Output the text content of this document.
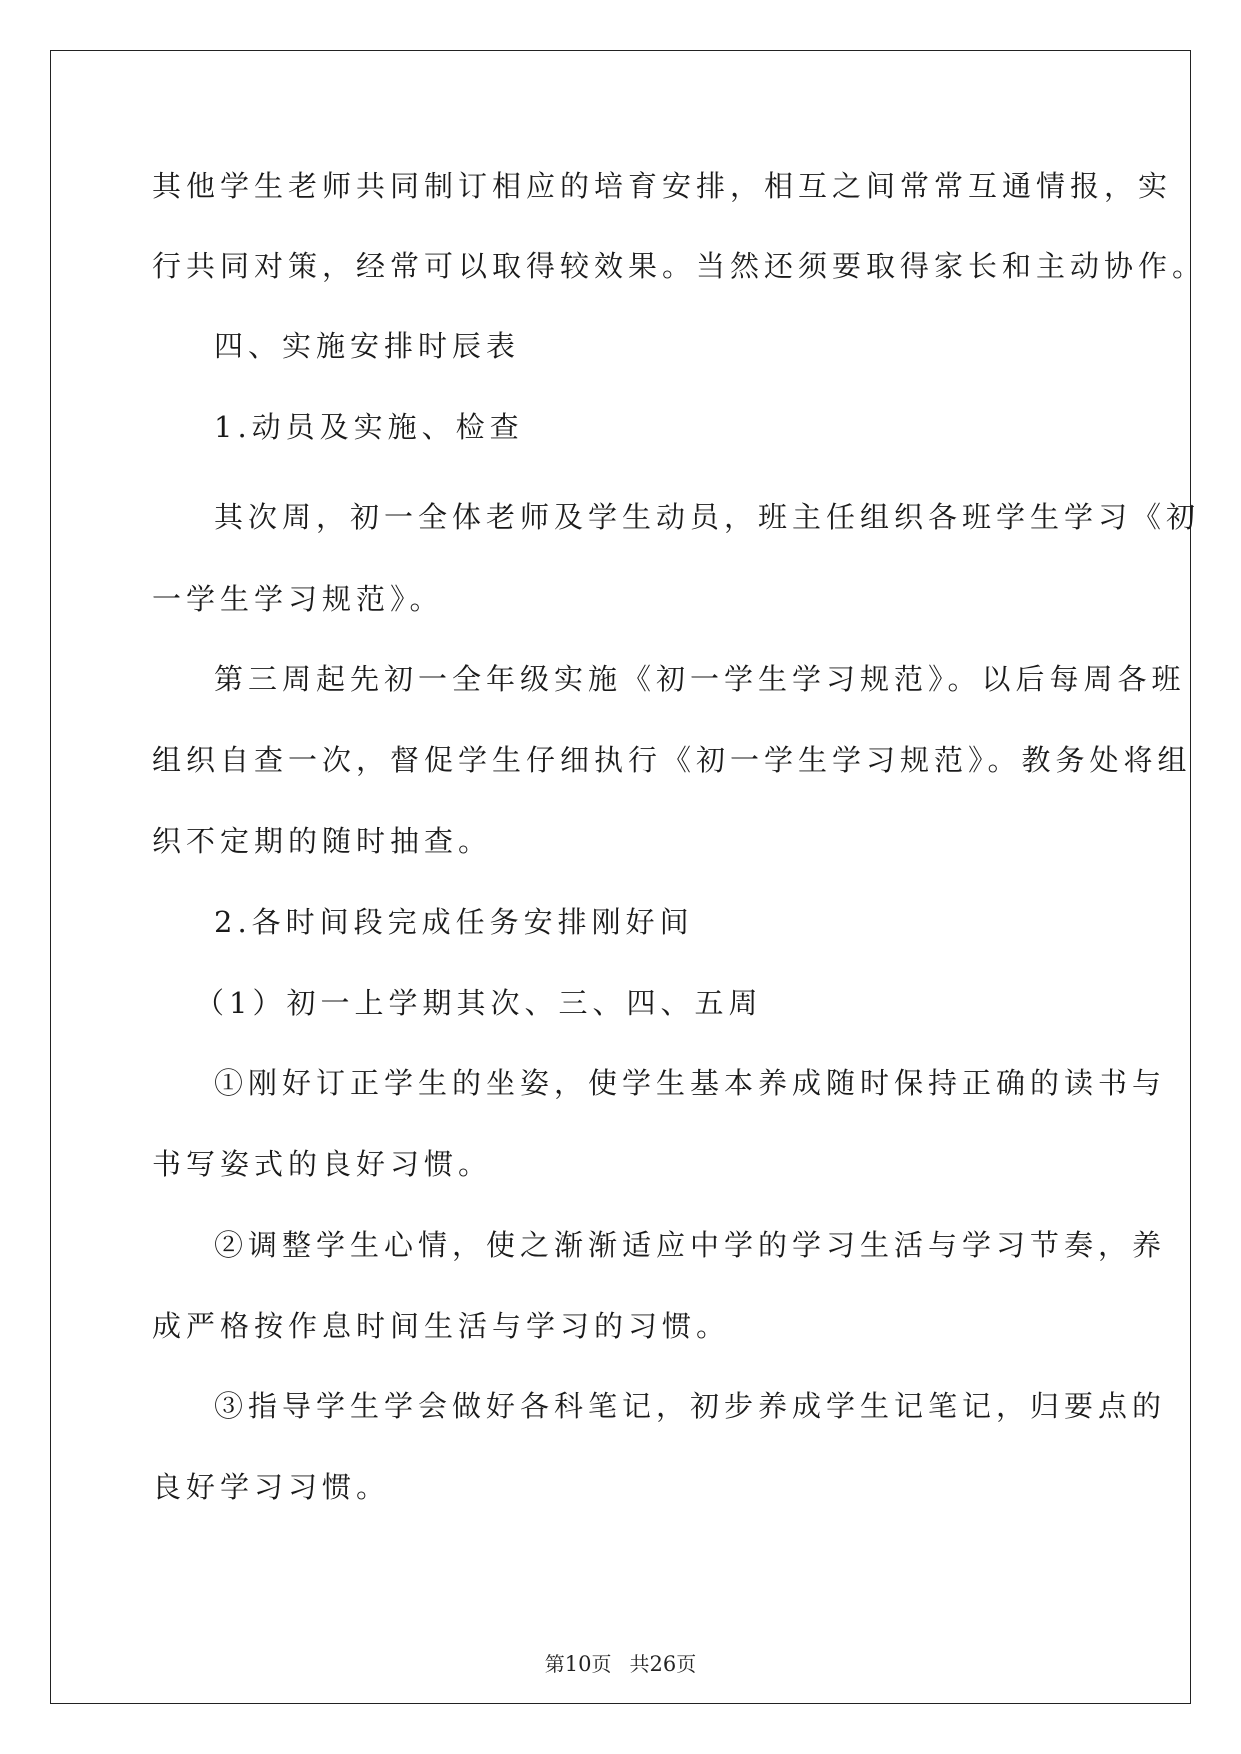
其他学生老师共同制订相应的培育安排，相互之间常常互通情报，实
行共同对策，经常可以取得较效果。当然还须要取得家长和主动协作。
四、实施安排时辰表
1.动员及实施、检查
其次周，初一全体老师及学生动员，班主任组织各班学生学习《初
一学生学习规范》。
第三周起先初一全年级实施《初一学生学习规范》。以后每周各班
组织自查一次，督促学生仔细执行《初一学生学习规范》。教务处将组
织不定期的随时抽查。
2.各时间段完成任务安排刚好间
（1）初一上学期其次、三、四、五周
①刚好订正学生的坐姿，使学生基本养成随时保持正确的读书与
书写姿式的良好习惯。
②调整学生心情，使之渐渐适应中学的学习生活与学习节奏，养
成严格按作息时间生活与学习的习惯。
③指导学生学会做好各科笔记，初步养成学生记笔记，归要点的
良好学习习惯。
第10页 共26页
